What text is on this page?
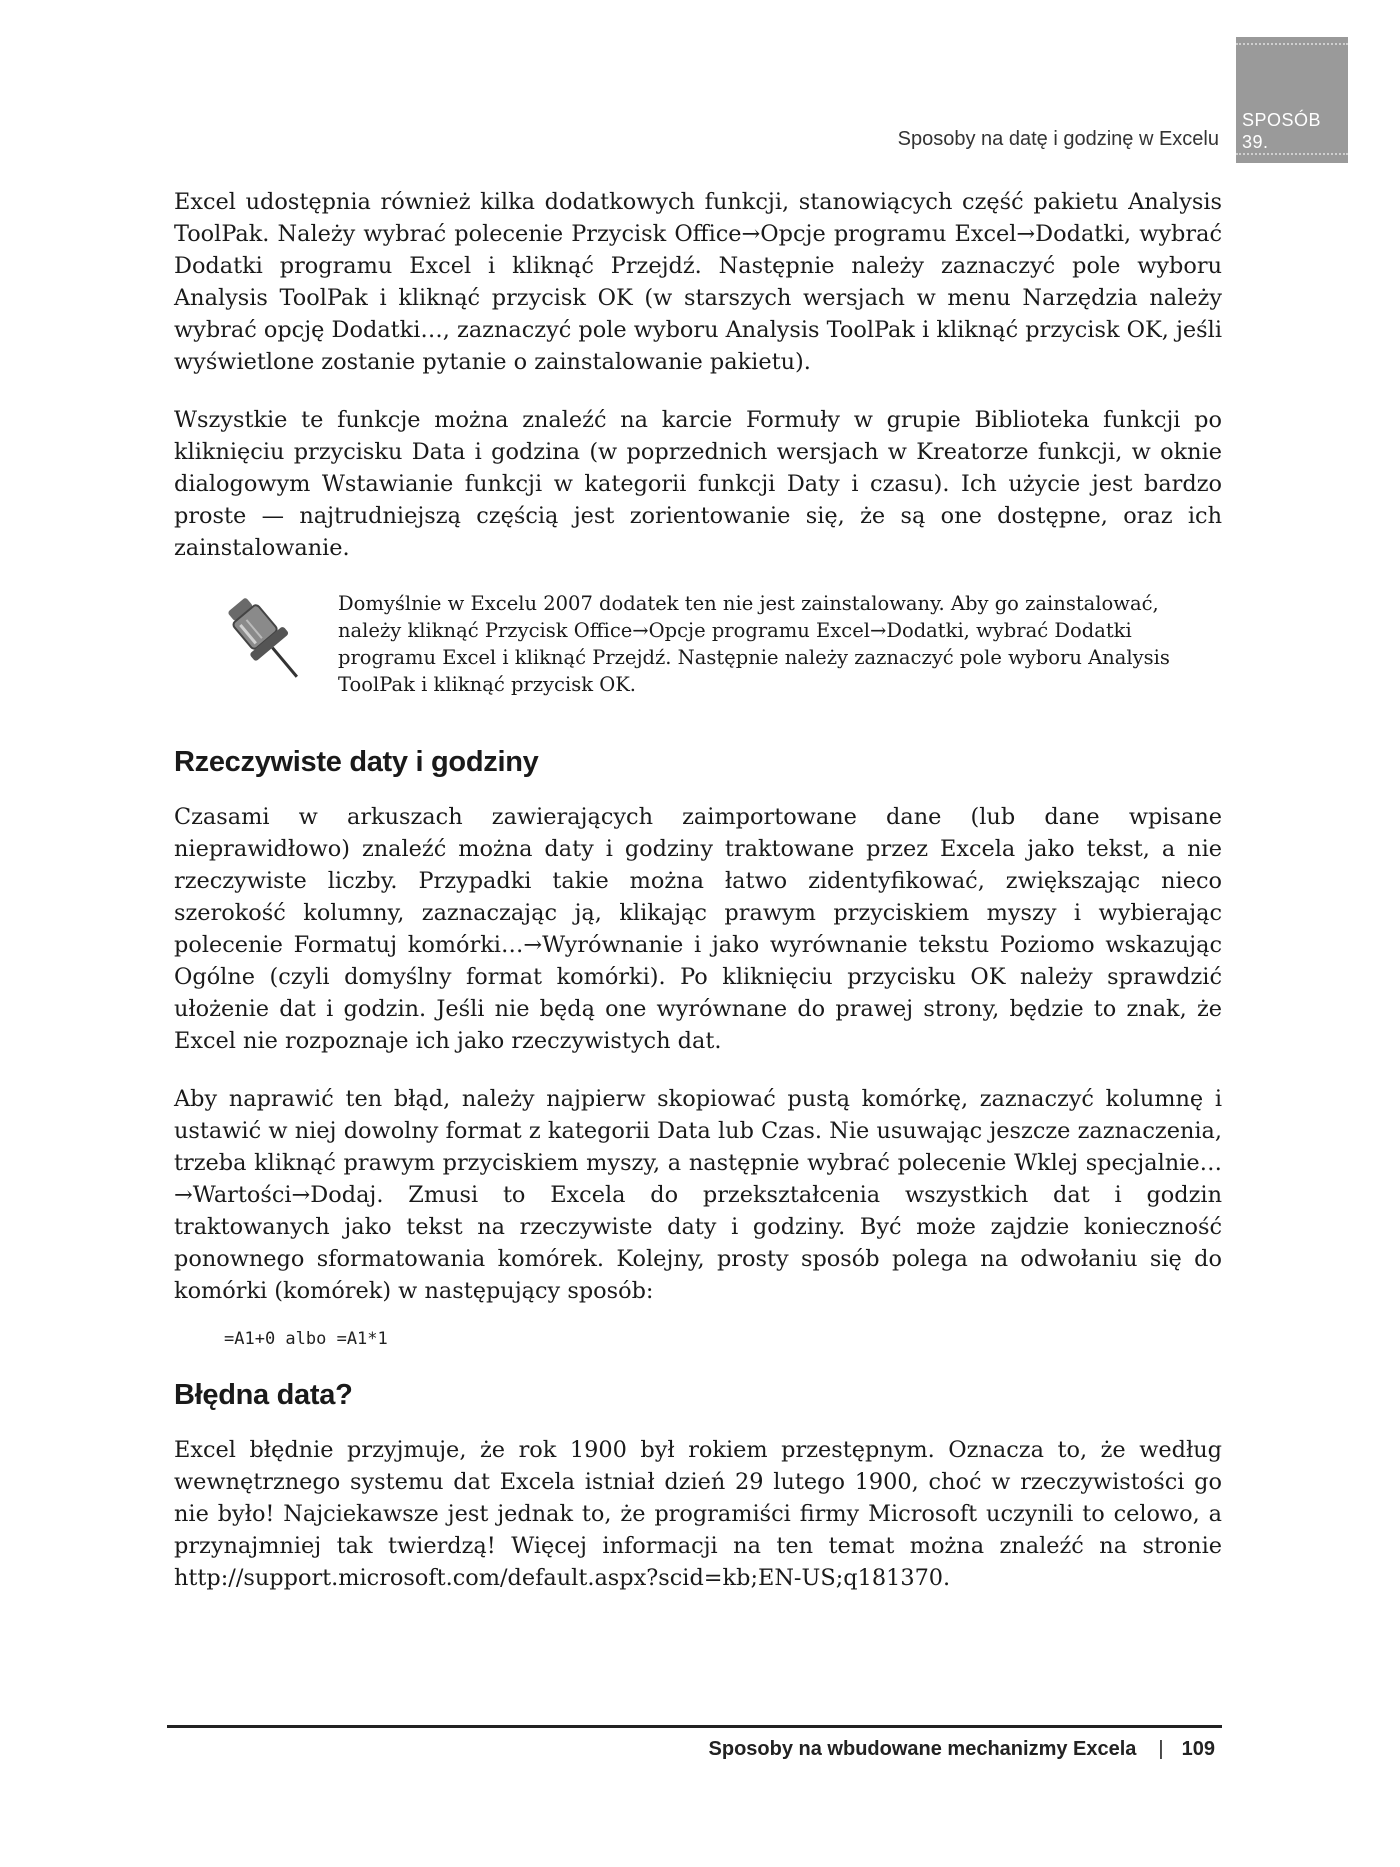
Sposoby na datę i godzinę w Excelu
SPOSÓB
39.

Excel udostępnia również kilka dodatkowych funkcji, stanowiących część pakietu Analysis ToolPak. Należy wybrać polecenie Przycisk Office→Opcje programu Excel→Dodatki, wybrać Dodatki programu Excel i kliknąć Przejdź. Następnie należy zaznaczyć pole wyboru Analysis ToolPak i kliknąć przycisk OK (w starszych wersjach w menu Narzędzia należy wybrać opcję Dodatki…, zaznaczyć pole wyboru Analysis ToolPak i kliknąć przycisk OK, jeśli wyświetlone zostanie pytanie o zainstalowanie pakietu).

Wszystkie te funkcje można znaleźć na karcie Formuły w grupie Biblioteka funkcji po kliknięciu przycisku Data i godzina (w poprzednich wersjach w Kreatorze funkcji, w oknie dialogowym Wstawianie funkcji w kategorii funkcji Daty i czasu). Ich użycie jest bardzo proste — najtrudniejszą częścią jest zorientowanie się, że są one dostępne, oraz ich zainstalowanie.

Domyślnie w Excelu 2007 dodatek ten nie jest zainstalowany. Aby go zainstalować, należy kliknąć Przycisk Office→Opcje programu Excel→Dodatki, wybrać Dodatki programu Excel i kliknąć Przejdź. Następnie należy zaznaczyć pole wyboru Analysis ToolPak i kliknąć przycisk OK.
Rzeczywiste daty i godziny

Czasami w arkuszach zawierających zaimportowane dane (lub dane wpisane nieprawidłowo) znaleźć można daty i godziny traktowane przez Excela jako tekst, a nie rzeczywiste liczby. Przypadki takie można łatwo zidentyfikować, zwiększając nieco szerokość kolumny, zaznaczając ją, klikając prawym przyciskiem myszy i wybierając polecenie Formatuj komórki…→Wyrównanie i jako wyrównanie tekstu Poziomo wskazując Ogólne (czyli domyślny format komórki). Po kliknięciu przycisku OK należy sprawdzić ułożenie dat i godzin. Jeśli nie będą one wyrównane do prawej strony, będzie to znak, że Excel nie rozpoznaje ich jako rzeczywistych dat.

Aby naprawić ten błąd, należy najpierw skopiować pustą komórkę, zaznaczyć kolumnę i ustawić w niej dowolny format z kategorii Data lub Czas. Nie usuwając jeszcze zaznaczenia, trzeba kliknąć prawym przyciskiem myszy, a następnie wybrać polecenie Wklej specjalnie…→Wartości→Dodaj. Zmusi to Excela do przekształcenia wszystkich dat i godzin traktowanych jako tekst na rzeczywiste daty i godziny. Być może zajdzie konieczność ponownego sformatowania komórek. Kolejny, prosty sposób polega na odwołaniu się do komórki (komórek) w następujący sposób:

=A1+0 albo =A1*1
Błędna data?

Excel błędnie przyjmuje, że rok 1900 był rokiem przestępnym. Oznacza to, że według wewnętrznego systemu dat Excela istniał dzień 29 lutego 1900, choć w rzeczywistości go nie było! Najciekawsze jest jednak to, że programiści firmy Microsoft uczynili to celowo, a przynajmniej tak twierdzą! Więcej informacji na ten temat można znaleźć na stronie http://support.microsoft.com/default.aspx?scid=kb;EN-US;q181370.

Sposoby na wbudowane mechanizmy Excela | 109
